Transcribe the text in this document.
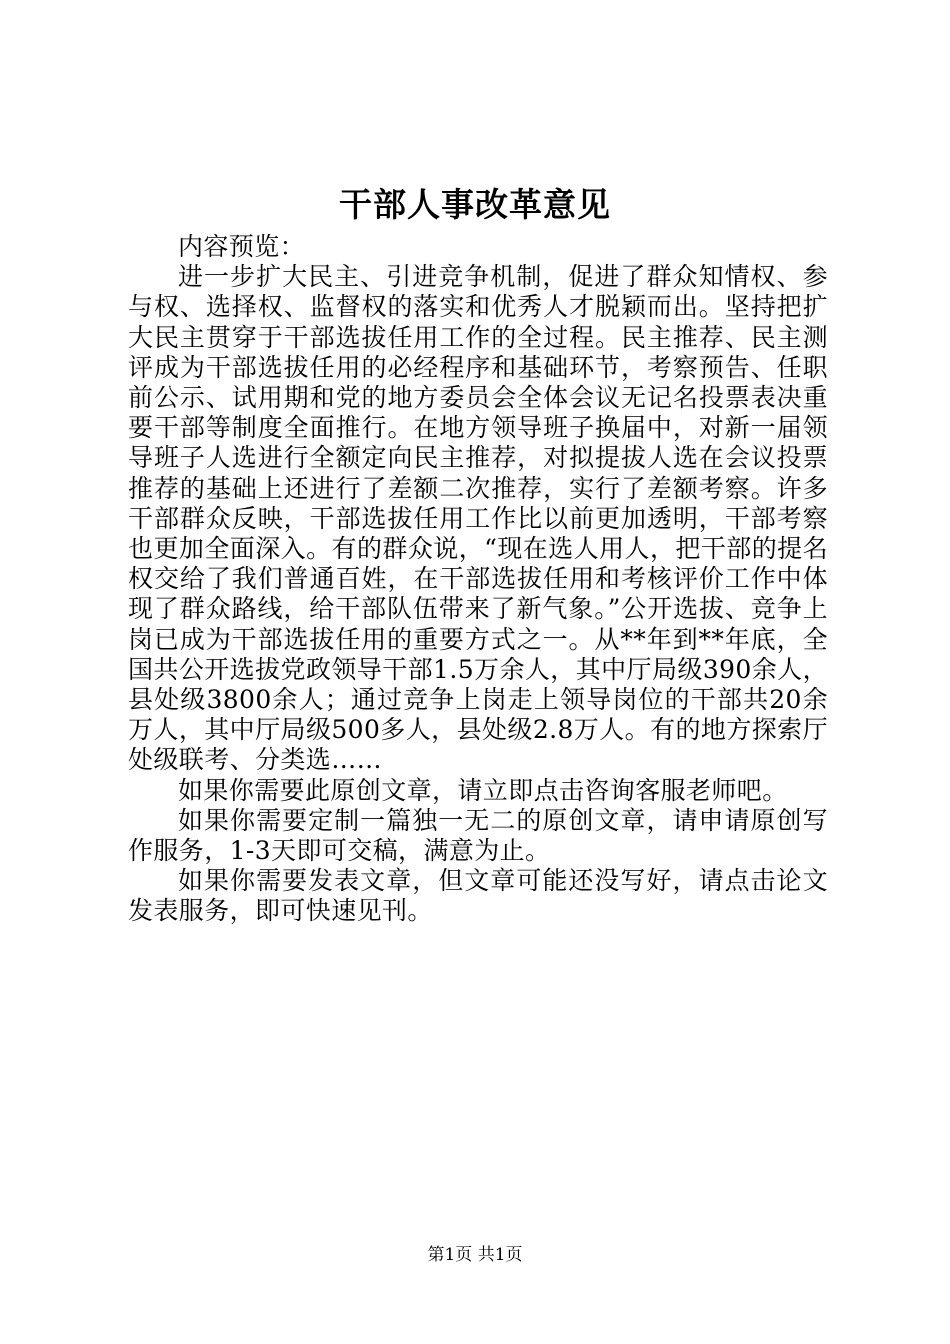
干部人事改革意见

内容预览：

进一步扩大民主、引进竞争机制，促进了群众知情权、参与权、选择权、监督权的落实和优秀人才脱颖而出。坚持把扩大民主贯穿于干部选拔任用工作的全过程。民主推荐、民主测评成为干部选拔任用的必经程序和基础环节，考察预告、任职前公示、试用期和党的地方委员会全体会议无记名投票表决重要干部等制度全面推行。在地方领导班子换届中，对新一届领导班子人选进行全额定向民主推荐，对拟提拔人选在会议投票推荐的基础上还进行了差额二次推荐，实行了差额考察。许多干部群众反映，干部选拔任用工作比以前更加透明，干部考察也更加全面深入。有的群众说，“现在选人用人，把干部的提名权交给了我们普通百姓，在干部选拔任用和考核评价工作中体现了群众路线，给干部队伍带来了新气象。”公开选拔、竞争上岗已成为干部选拔任用的重要方式之一。从**年到**年底，全国共公开选拔党政领导干部1.5万余人，其中厅局级390余人，县处级3800余人；通过竞争上岗走上领导岗位的干部共20余万人，其中厅局级500多人，县处级2.8万人。有的地方探索厅处级联考、分类选……

如果你需要此原创文章，请立即点击咨询客服老师吧。

如果你需要定制一篇独一无二的原创文章，请申请原创写作服务，1-3天即可交稿，满意为止。

如果你需要发表文章，但文章可能还没写好，请点击论文发表服务，即可快速见刊。

第1页 共1页
